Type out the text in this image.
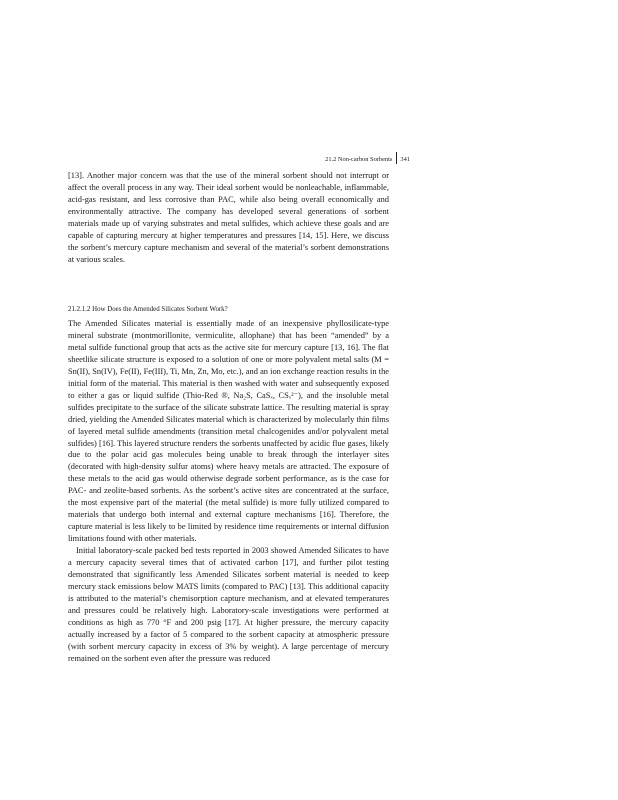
21.2 Non-carbon Sorbents 341

[13]. Another major concern was that the use of the mineral sorbent should not interrupt or affect the overall process in any way. Their ideal sorbent would be nonleachable, inflammable, acid-gas resistant, and less corrosive than PAC, while also being overall economically and environmentally attractive. The company has developed several generations of sorbent materials made up of varying substrates and metal sulfides, which achieve these goals and are capable of capturing mercury at higher temperatures and pressures [14, 15]. Here, we discuss the sorbent’s mercury capture mechanism and several of the material’s sorbent demonstrations at various scales.

21.2.1.2 How Does the Amended Silicates Sorbent Work?

The Amended Silicates material is essentially made of an inexpensive phyllosilicate-type mineral substrate (montmorillonite, vermiculite, allophane) that has been “amended” by a metal sulfide functional group that acts as the active site for mercury capture [13, 16]. The flat sheetlike silicate structure is exposed to a solution of one or more polyvalent metal salts (M = Sn(II), Sn(IV), Fe(II), Fe(III), Ti, Mn, Zn, Mo, etc.), and an ion exchange reaction results in the initial form of the material. This material is then washed with water and subsequently exposed to either a gas or liquid sulfide (Thio-Red ®, Na₂S, CaSₓ, CSₓ²⁻), and the insoluble metal sulfides precipitate to the surface of the silicate substrate lattice. The resulting material is spray dried, yielding the Amended Silicates material which is characterized by molecularly thin films of layered metal sulfide amendments (transition metal chalcogenides and/or polyvalent metal sulfides) [16]. This layered structure renders the sorbents unaffected by acidic flue gases, likely due to the polar acid gas molecules being unable to break through the interlayer sites (decorated with high-density sulfur atoms) where heavy metals are attracted. The exposure of these metals to the acid gas would otherwise degrade sorbent performance, as is the case for PAC- and zeolite-based sorbents. As the sorbent’s active sites are concentrated at the surface, the most expensive part of the material (the metal sulfide) is more fully utilized compared to materials that undergo both internal and external capture mechanisms [16]. Therefore, the capture material is less likely to be limited by residence time requirements or internal diffusion limitations found with other materials.

Initial laboratory-scale packed bed tests reported in 2003 showed Amended Silicates to have a mercury capacity several times that of activated carbon [17], and further pilot testing demonstrated that significantly less Amended Silicates sorbent material is needed to keep mercury stack emissions below MATS limits (compared to PAC) [13]. This additional capacity is attributed to the material’s chemisorption capture mechanism, and at elevated temperatures and pressures could be relatively high. Laboratory-scale investigations were performed at conditions as high as 770 °F and 200 psig [17]. At higher pressure, the mercury capacity actually increased by a factor of 5 compared to the sorbent capacity at atmospheric pressure (with sorbent mercury capacity in excess of 3% by weight). A large percentage of mercury remained on the sorbent even after the pressure was reduced
